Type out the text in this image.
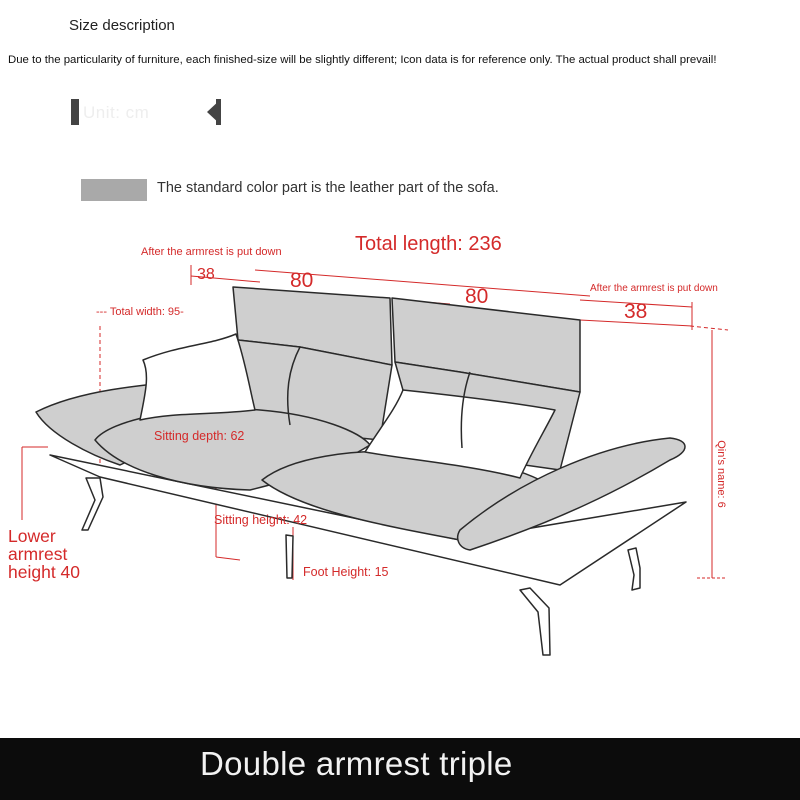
Size description
Due to the particularity of furniture, each finished-size will be slightly different; Icon data is for reference only. The actual product shall prevail!
Unit: cm
The standard color part is the leather part of the sofa.
After the armrest is put down	Total length: 236
After the armrest is put down
38	80
80
38
--- Total width: 95-
Sitting depth: 62
Sitting height: 42
Foot Height: 15
Qin's name: 6
Lower
armrest
height 40
Double armrest triple
